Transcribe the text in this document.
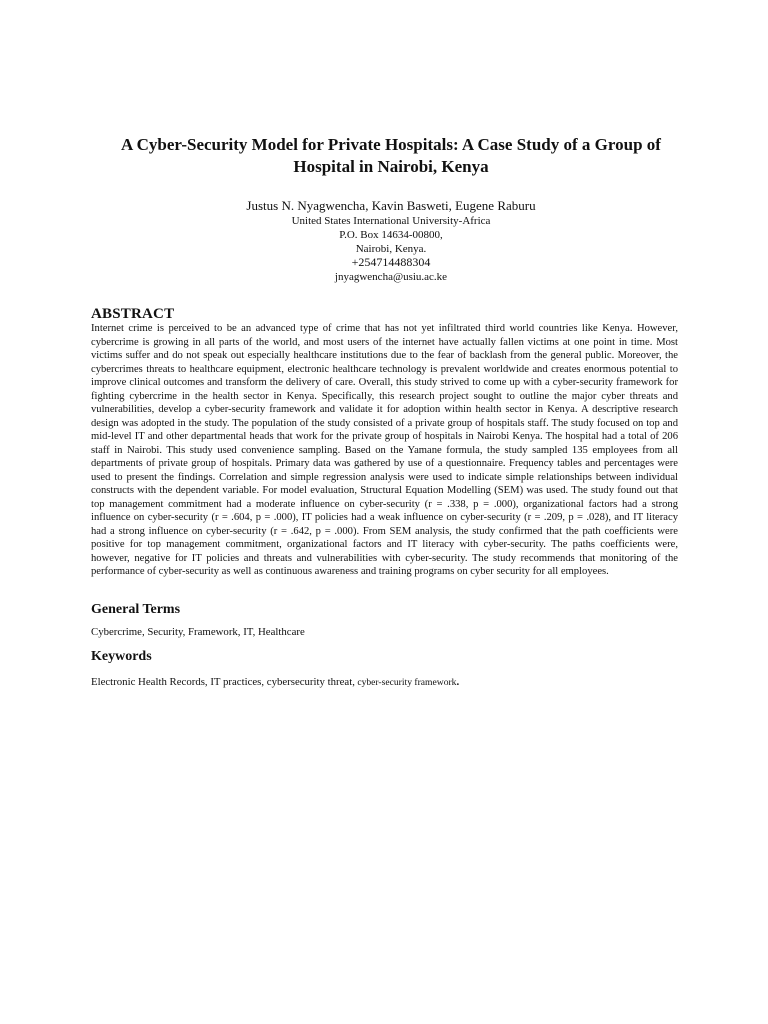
A Cyber-Security Model for Private Hospitals: A Case Study of a Group of Hospital in Nairobi, Kenya
Justus N. Nyagwencha, Kavin Basweti, Eugene Raburu
United States International University-Africa
P.O. Box 14634-00800,
Nairobi, Kenya.
+254714488304
jnyagwencha@usiu.ac.ke
ABSTRACT

Internet crime is perceived to be an advanced type of crime that has not yet infiltrated third world countries like Kenya. However, cybercrime is growing in all parts of the world, and most users of the internet have actually fallen victims at one point in time. Most victims suffer and do not speak out especially healthcare institutions due to the fear of backlash from the general public. Moreover, the cybercrimes threats to healthcare equipment, electronic healthcare technology is prevalent worldwide and creates enormous potential to improve clinical outcomes and transform the delivery of care. Overall, this study strived to come up with a cyber-security framework for fighting cybercrime in the health sector in Kenya. Specifically, this research project sought to outline the major cyber threats and vulnerabilities, develop a cyber-security framework and validate it for adoption within health sector in Kenya. A descriptive research design was adopted in the study. The population of the study consisted of a private group of hospitals staff. The study focused on top and mid-level IT and other departmental heads that work for the private group of hospitals in Nairobi Kenya. The hospital had a total of 206 staff in Nairobi. This study used convenience sampling. Based on the Yamane formula, the study sampled 135 employees from all departments of private group of hospitals. Primary data was gathered by use of a questionnaire. Frequency tables and percentages were used to present the findings. Correlation and simple regression analysis were used to indicate simple relationships between individual constructs with the dependent variable. For model evaluation, Structural Equation Modelling (SEM) was used. The study found out that top management commitment had a moderate influence on cyber-security (r = .338, p = .000), organizational factors had a strong influence on cyber-security (r = .604, p = .000), IT policies had a weak influence on cyber-security (r = .209, p = .028), and IT literacy had a strong influence on cyber-security (r = .642, p = .000). From SEM analysis, the study confirmed that the path coefficients were positive for top management commitment, organizational factors and IT literacy with cyber-security. The paths coefficients were, however, negative for IT policies and threats and vulnerabilities with cyber-security. The study recommends that monitoring of the performance of cyber-security as well as continuous awareness and training programs on cyber security for all employees.

General Terms

Cybercrime, Security, Framework, IT, Healthcare

Keywords

Electronic Health Records, IT practices, cybersecurity threat, cyber-security framework.
